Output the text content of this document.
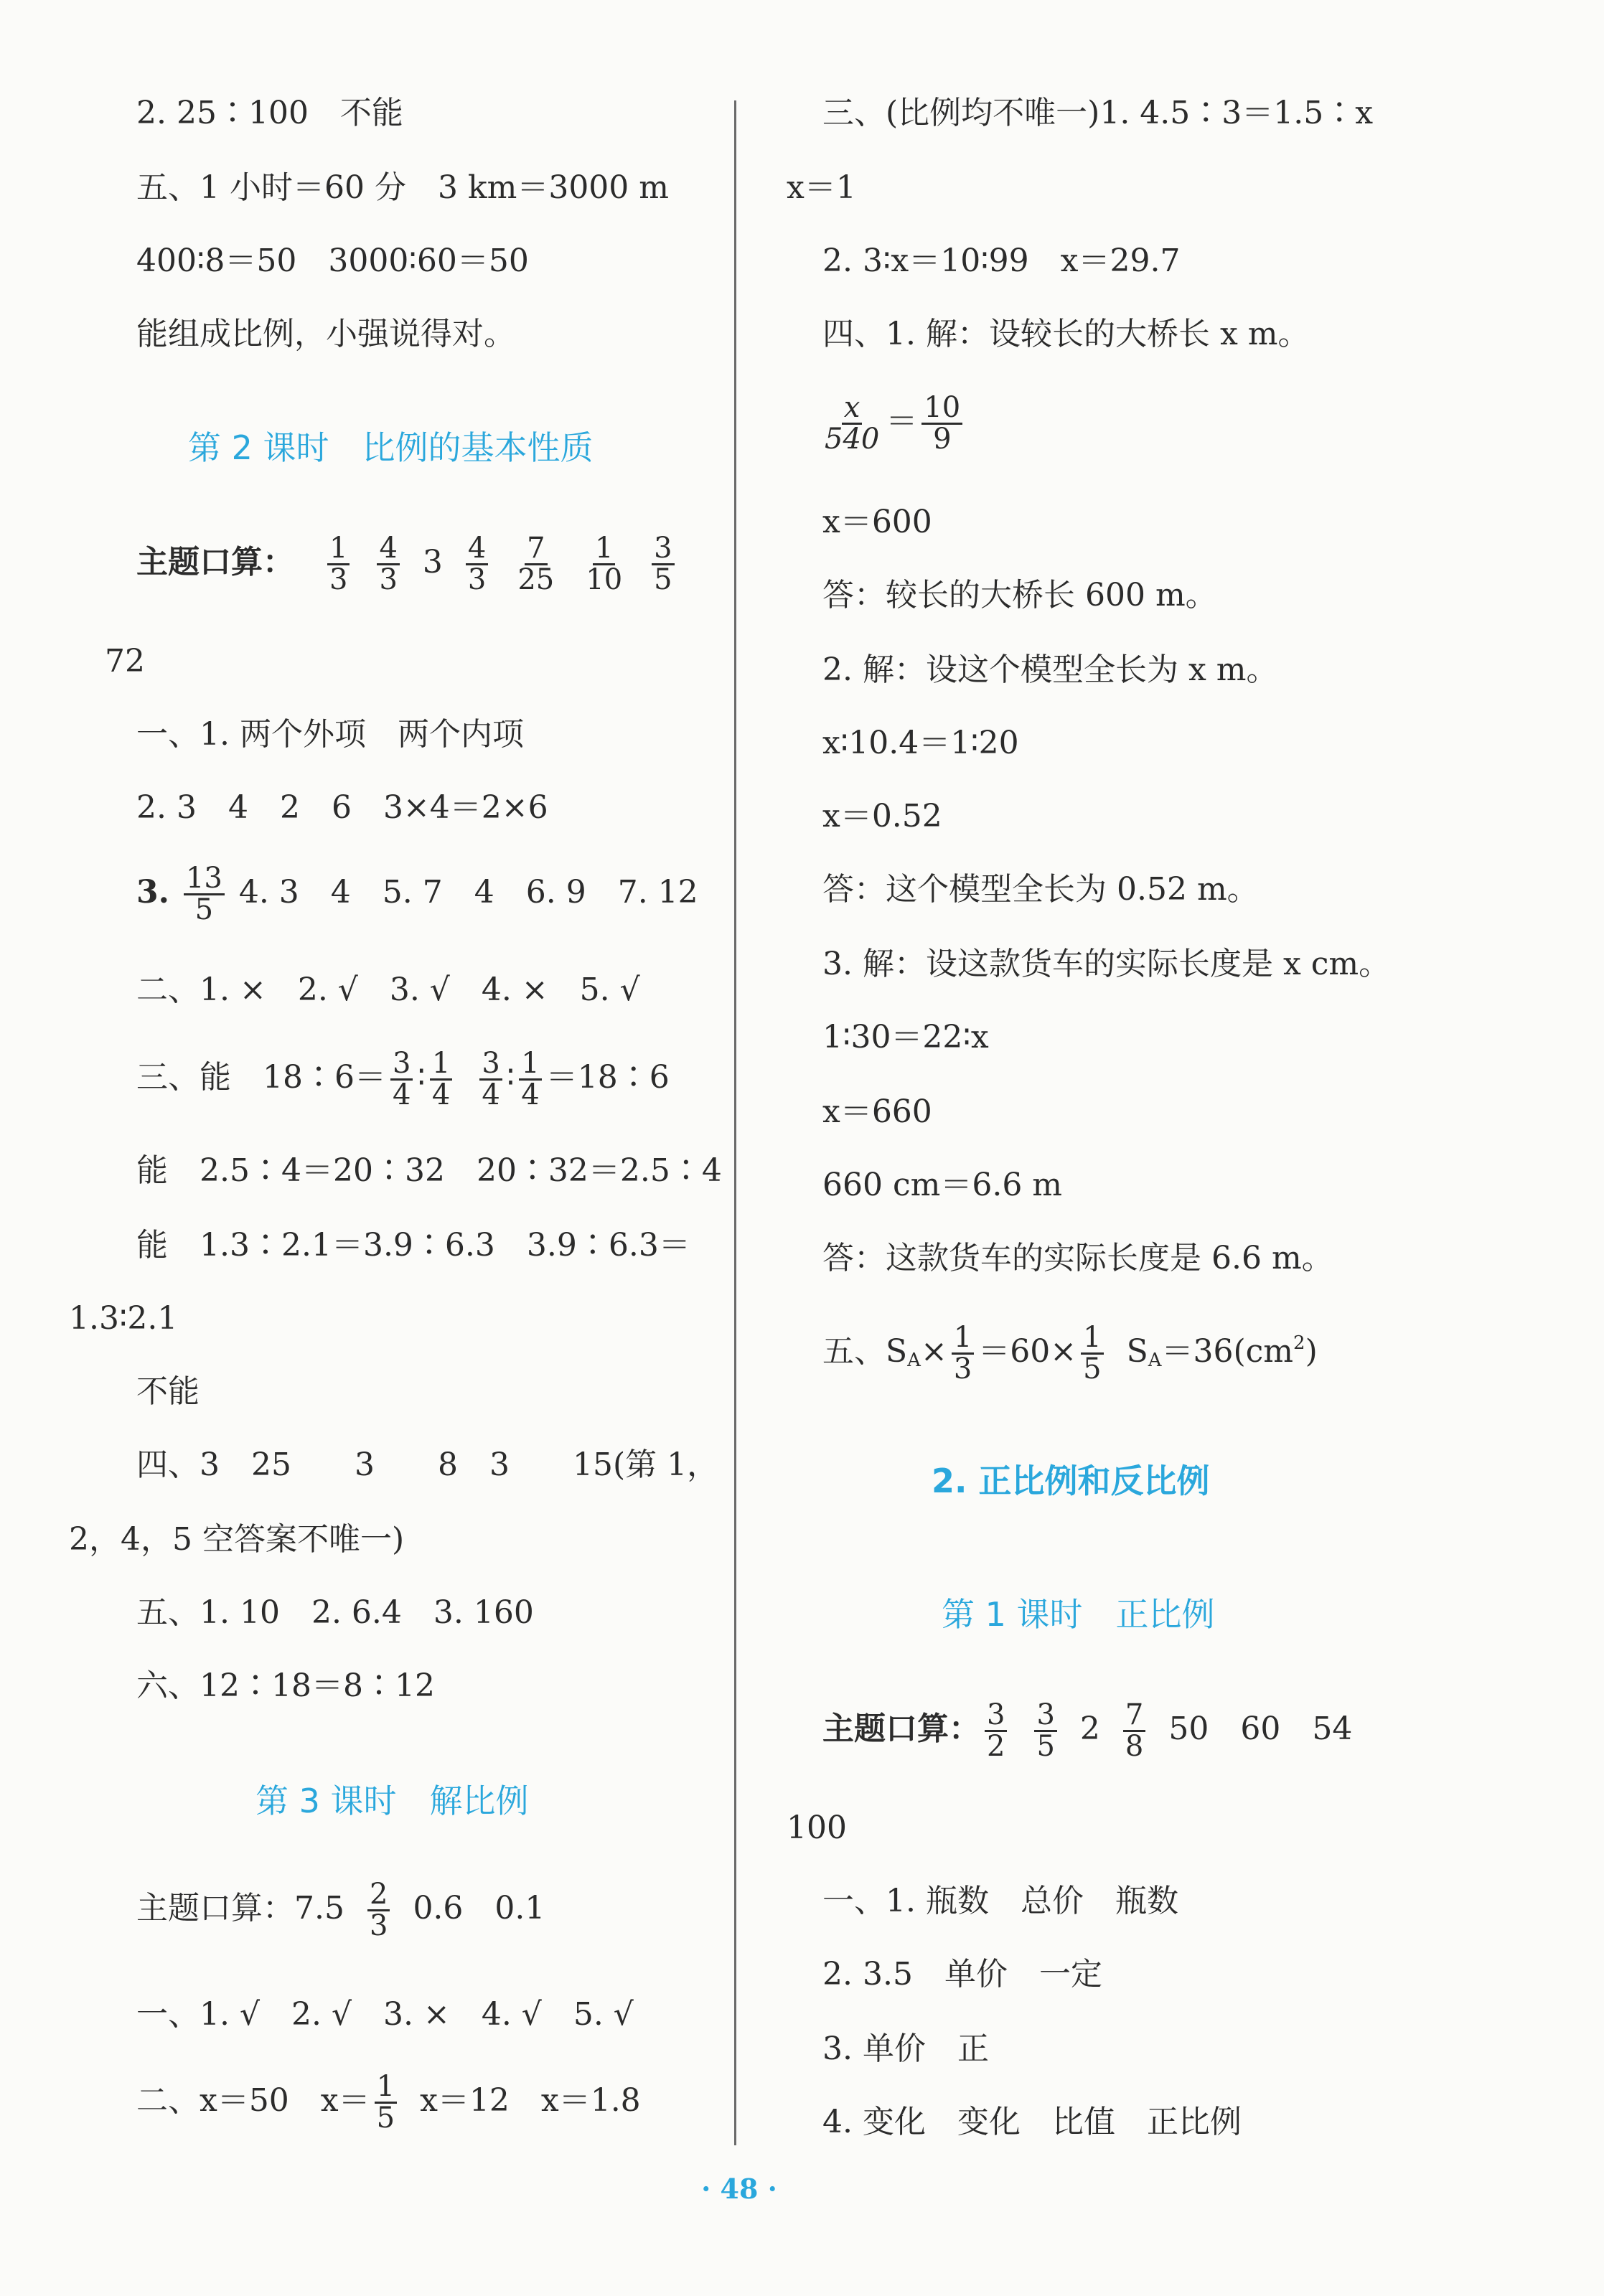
2. 25∶100　不能
五、1 小时＝60 分　3 km＝3000 m
400∶8＝50　3000∶60＝50
能组成比例，小强说得对。
第 2 课时　比例的基本性质
主题口算： $\frac{1}{3} \frac{4}{3} 3 \frac{4}{3} \frac{7}{25} \frac{1}{10} \frac{3}{5}$
72
一、1. 两个外项　两个内项
2. 3　4　2　6　3×4＝2×6
3. $\frac{13}{5} 4$. 3　4　5. 7　4　6. 9　7. 12
二、1. ×　2. √　3. √　4. ×　5. √
三、能　18∶6＝ $\frac{3}{4}$ ∶ $\frac{1}{4} \frac{3}{4}$ ∶ $\frac{1}{4}$ ＝18∶6
能　2.5∶4＝20∶32　20∶32＝2.5∶4
能　1.3∶2.1＝3.9∶6.3　3.9∶6.3＝
1.3∶2.1
不能
四、3　25　　3　　8　3　　15(第 1，
2，4，5 空答案不唯一)
五、1. 10　2. 6.4　3. 160
六、12∶18＝8∶12
第 3 课时　解比例
主题口算：$7.5 \frac{2}{3} 0.6$　0.1
一、1. √　2. √　3. ×　4. √　5. √
二、x＝50　$x= \frac{1}{5} x=12$　x＝1.8
三、(比例均不唯一)1. 4.5∶3＝1.5∶x
x＝1
2. 3∶x＝10∶99　x＝29.7
四、1. 解：设较长的大桥长 x m。
$\frac{x}{540} = \frac{10}{9}$
x＝600
答：较长的大桥长 600 m。
2. 解：设这个模型全长为 x m。
x∶10.4＝1∶20
x＝0.52
答：这个模型全长为 0.52 m。
3. 解：设这款货车的实际长度是 x cm。
1∶30＝22∶x
x＝660
660 cm＝6.6 m
答：这款货车的实际长度是 6.6 m。
五、$S_A\times \frac{1}{3} =60\times \frac{1}{5} S_A=36(cm^2)$
2. 正比例和反比例
第 1 课时　正比例
主题口算： $\frac{3}{2} \frac{3}{5} 2 \frac{7}{8} 50$　60　54
100
一、1. 瓶数　总价　瓶数
2. 3.5　单价　一定
3. 单价　正
4. 变化　变化　比值　正比例
· 48 ·
